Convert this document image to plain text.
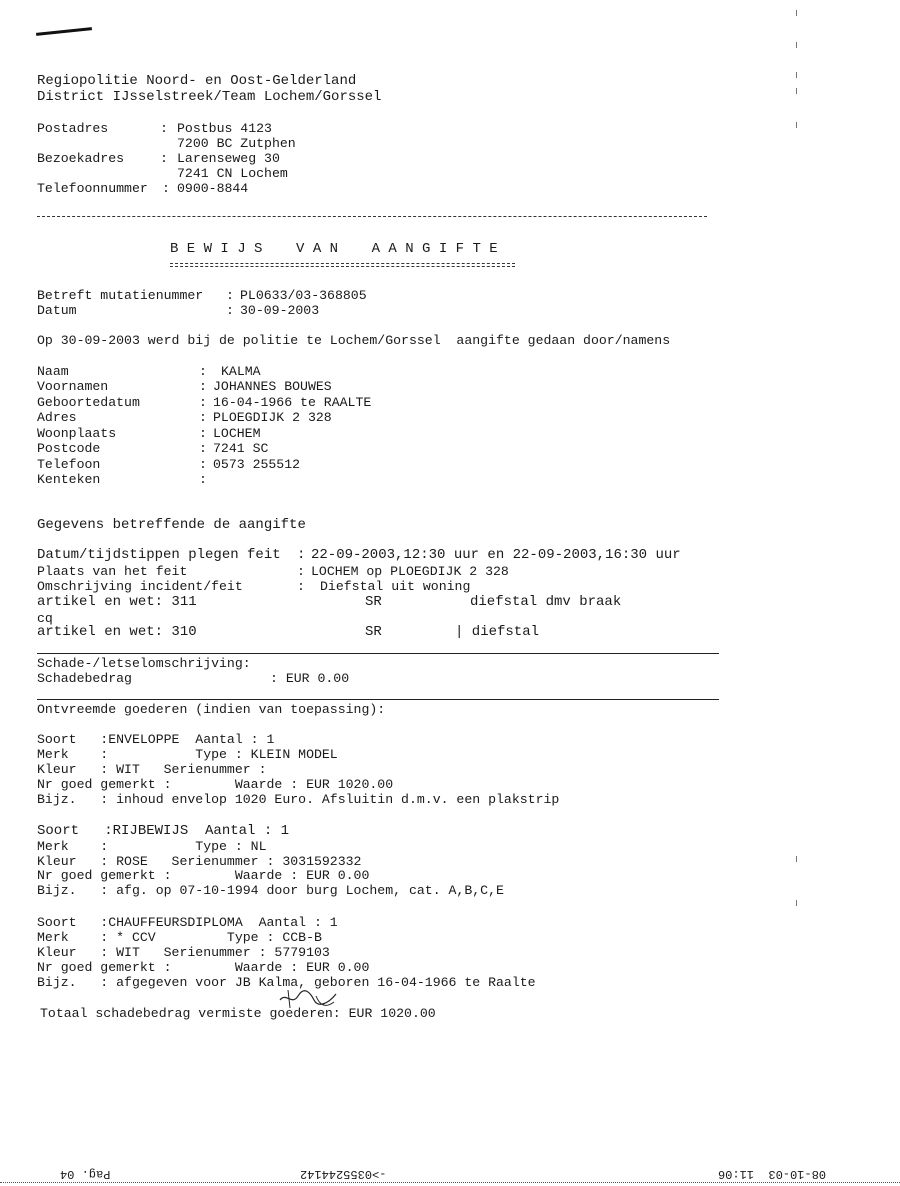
Regiopolitie Noord- en Oost-Gelderland
District IJsselstreek/Team Lochem/Gorssel
Postadres	: Postbus 4123
7200 BC Zutphen
Bezoekadres	: Larenseweg 30
7241 CN Lochem
Telefoonnummer : 0900-8844
B E W I J S    V A N    A A N G I F T E
Betreft mutatienummer : PL0633/03-368805
Datum	: 30-09-2003
Op 30-09-2003 werd bij de politie te Lochem/Gorssel  aangifte gedaan door/namens
Naam	: KALMA
Voornamen	: JOHANNES BOUWES
Geboortedatum	: 16-04-1966 te RAALTE
Adres	: PLOEGDIJK 2 328
Woonplaats	: LOCHEM
Postcode	: 7241 SC
Telefoon	: 0573 255512
Kenteken	:
Gegevens betreffende de aangifte
Datum/tijdstippen plegen feit : 22-09-2003,12:30 uur en 22-09-2003,16:30 uur
Plaats van het feit	: LOCHEM op PLOEGDIJK 2 328
Omschrijving incident/feit	: Diefstal uit woning
artikel en wet: 311	SR	diefstal dmv braak
cq
artikel en wet: 310	SR	| diefstal
Schade-/letselomschrijving:
Schadebedrag	: EUR 0.00
Ontvreemde goederen (indien van toepassing):
Soort   :ENVELOPPE  Aantal : 1
Merk    :           Type : KLEIN MODEL
Kleur   : WIT   Serienummer :
Nr goed gemerkt :        Waarde : EUR 1020.00
Bijz.   : inhoud envelop 1020 Euro. Afsluitin d.m.v. een plakstrip
Soort   :RIJBEWIJS  Aantal : 1
Merk    :           Type : NL
Kleur   : ROSE   Serienummer : 3031592332
Nr goed gemerkt :        Waarde : EUR 0.00
Bijz.   : afg. op 07-10-1994 door burg Lochem, cat. A,B,C,E
Soort   :CHAUFFEURSDIPLOMA  Aantal : 1
Merk    : * CCV         Type : CCB-B
Kleur   : WIT   Serienummer : 5779103
Nr goed gemerkt :        Waarde : EUR 0.00
Bijz.   : afgegeven voor JB Kalma, geboren 16-04-1966 te Raalte
Totaal schadebedrag vermiste goederen: EUR 1020.00
Pag. 04	->0355244142	08-10-03  11:06
